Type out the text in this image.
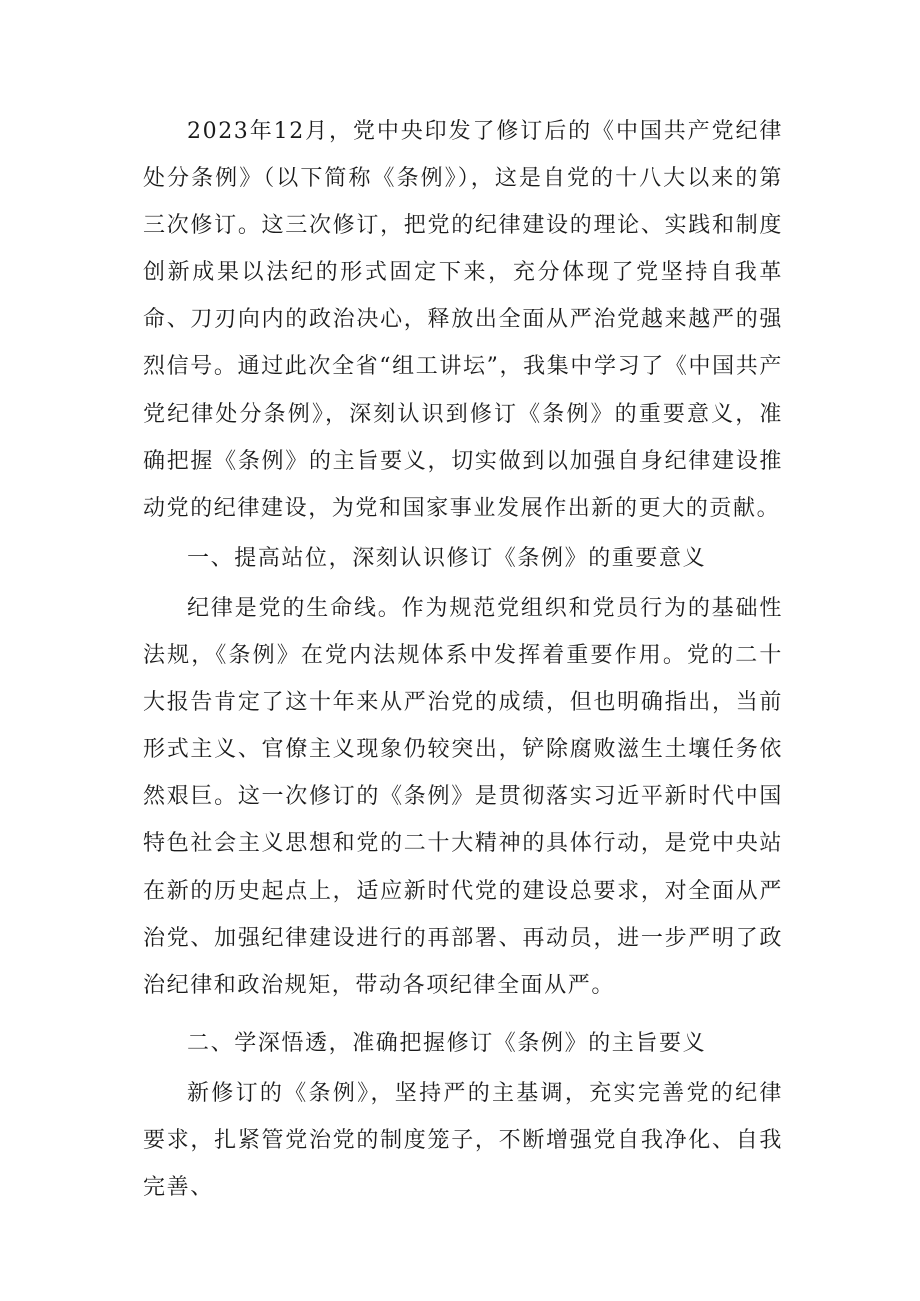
2023年12月，党中央印发了修订后的《中国共产党纪律处分条例》（以下简称《条例》），这是自党的十八大以来的第三次修订。这三次修订，把党的纪律建设的理论、实践和制度创新成果以法纪的形式固定下来，充分体现了党坚持自我革命、刀刃向内的政治决心，释放出全面从严治党越来越严的强烈信号。通过此次全省“组工讲坛”，我集中学习了《中国共产党纪律处分条例》，深刻认识到修订《条例》的重要意义，准确把握《条例》的主旨要义，切实做到以加强自身纪律建设推动党的纪律建设，为党和国家事业发展作出新的更大的贡献。

一、提高站位，深刻认识修订《条例》的重要意义

纪律是党的生命线。作为规范党组织和党员行为的基础性法规，《条例》在党内法规体系中发挥着重要作用。党的二十大报告肯定了这十年来从严治党的成绩，但也明确指出，当前形式主义、官僚主义现象仍较突出，铲除腐败滋生土壤任务依然艰巨。这一次修订的《条例》是贯彻落实习近平新时代中国特色社会主义思想和党的二十大精神的具体行动，是党中央站在新的历史起点上，适应新时代党的建设总要求，对全面从严治党、加强纪律建设进行的再部署、再动员，进一步严明了政治纪律和政治规矩，带动各项纪律全面从严。

二、学深悟透，准确把握修订《条例》的主旨要义

新修订的《条例》，坚持严的主基调，充实完善党的纪律要求，扎紧管党治党的制度笼子，不断增强党自我净化、自我完善、
